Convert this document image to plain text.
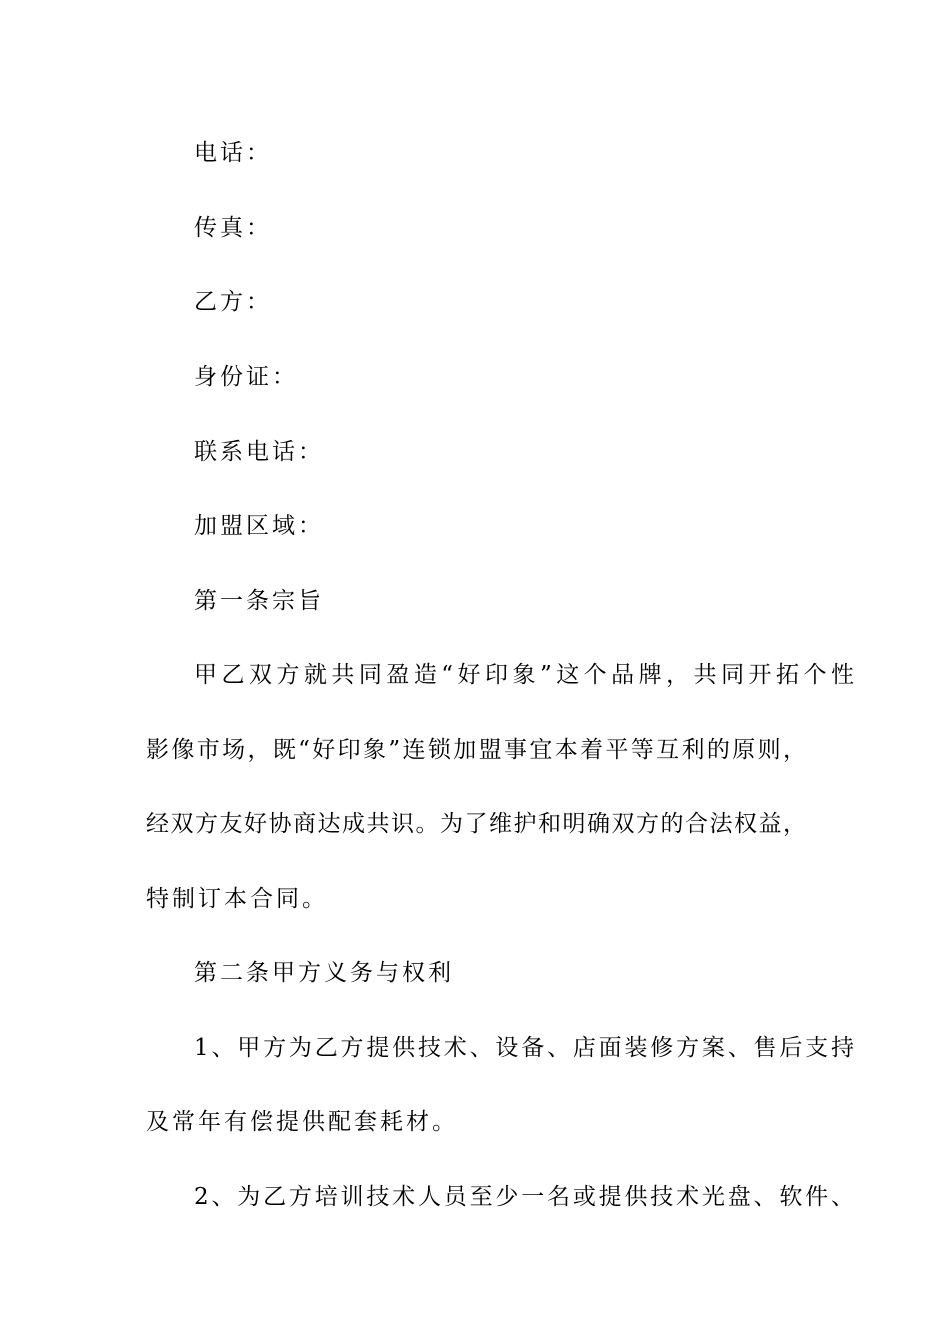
电话：
传真：
乙方：
身份证：
联系电话：
加盟区域：
第一条宗旨
甲乙双方就共同盈造“好印象”这个品牌，共同开拓个性
影像市场，既“好印象”连锁加盟事宜本着平等互利的原则，
经双方友好协商达成共识。为了维护和明确双方的合法权益，
特制订本合同。
第二条甲方义务与权利
1、甲方为乙方提供技术、设备、店面装修方案、售后支持
及常年有偿提供配套耗材。
2、为乙方培训技术人员至少一名或提供技术光盘、软件、
